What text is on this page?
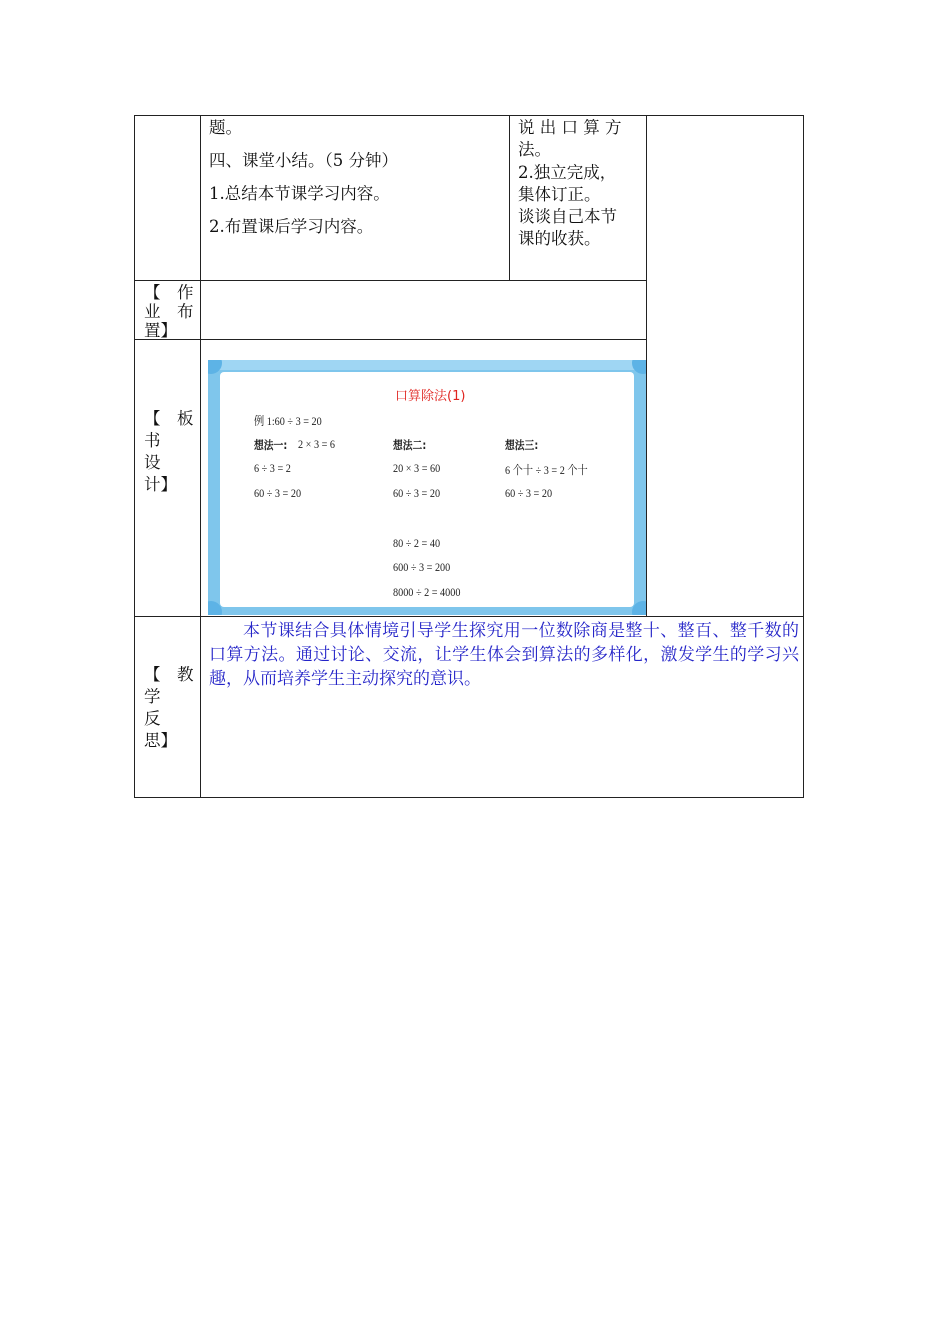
题。
四、课堂小结。（5 分钟）
1.总结本节课学习内容。
2.布置课后学习内容。
说 出 口 算 方
法。
2.独立完成，
集体订正。
谈谈自己本节
课的收获。
【　作
业　布
置】
【　板
书
设
计】
口算除法(1)
例 1:60 ÷ 3 = 20
想法一: 2 × 3 = 6
6 ÷ 3 = 2
60 ÷ 3 = 20
想法二:
20 × 3 = 60
60 ÷ 3 = 20
想法三:
6 个十 ÷ 3 = 2 个十
60 ÷ 3 = 20
80 ÷ 2 = 40
600 ÷ 3 = 200
8000 ÷ 2 = 4000
【　教
学
反
思】

本节课结合具体情境引导学生探究用一位数除商是整十、整百、整千数的口算方法。通过讨论、交流，让学生体会到算法的多样化，激发学生的学习兴趣，从而培养学生主动探究的意识。
